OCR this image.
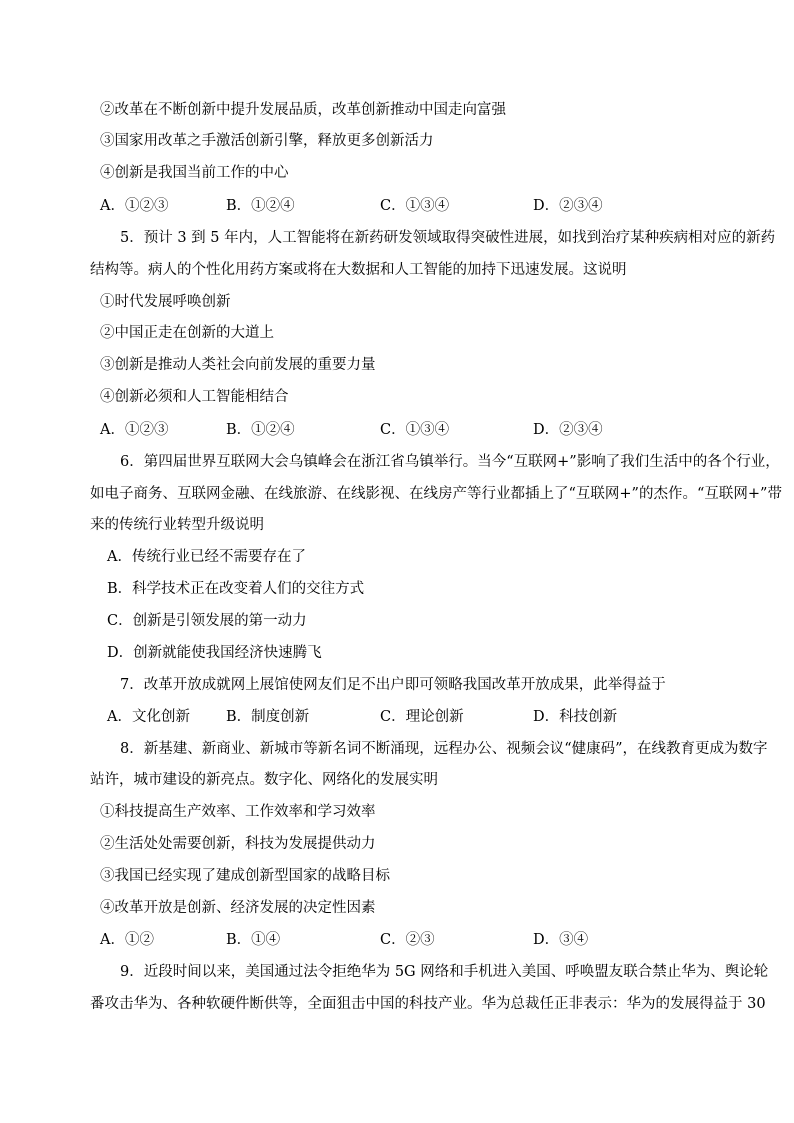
②改革在不断创新中提升发展品质，改革创新推动中国走向富强
③国家用改革之手激活创新引擎，释放更多创新活力
④创新是我国当前工作的中心
A．①②③	B．①②④	C．①③④	D．②③④
5．预计 3 到 5 年内，人工智能将在新药研发领域取得突破性进展，如找到治疗某种疾病相对应的新药
结构等。病人的个性化用药方案或将在大数据和人工智能的加持下迅速发展。这说明
①时代发展呼唤创新
②中国正走在创新的大道上
③创新是推动人类社会向前发展的重要力量
④创新必须和人工智能相结合
A．①②③	B．①②④	C．①③④	D．②③④
6．第四届世界互联网大会乌镇峰会在浙江省乌镇举行。当今“互联网+”影响了我们生活中的各个行业，
如电子商务、互联网金融、在线旅游、在线影视、在线房产等行业都插上了“互联网+”的杰作。“互联网+”带
来的传统行业转型升级说明
A．传统行业已经不需要存在了
B．科学技术正在改变着人们的交往方式
C．创新是引领发展的第一动力
D．创新就能使我国经济快速腾飞
7．改革开放成就网上展馆使网友们足不出户即可领略我国改革开放成果，此举得益于
A．文化创新 B．制度创新	C．理论创新	D．科技创新
8．新基建、新商业、新城市等新名词不断涌现，远程办公、视频会议“健康码”，在线教育更成为数字
站许，城市建设的新亮点。数字化、网络化的发展实明
①科技提高生产效率、工作效率和学习效率
②生活处处需要创新，科技为发展提供动力
③我国已经实现了建成创新型国家的战略目标
④改革开放是创新、经济发展的决定性因素
A．①②	B．①④	C．②③	D．③④
9．近段时间以来，美国通过法令拒绝华为 5G 网络和手机进入美国、呼唤盟友联合禁止华为、舆论轮
番攻击华为、各种软硬件断供等，全面狙击中国的科技产业。华为总裁任正非表示：华为的发展得益于 30
